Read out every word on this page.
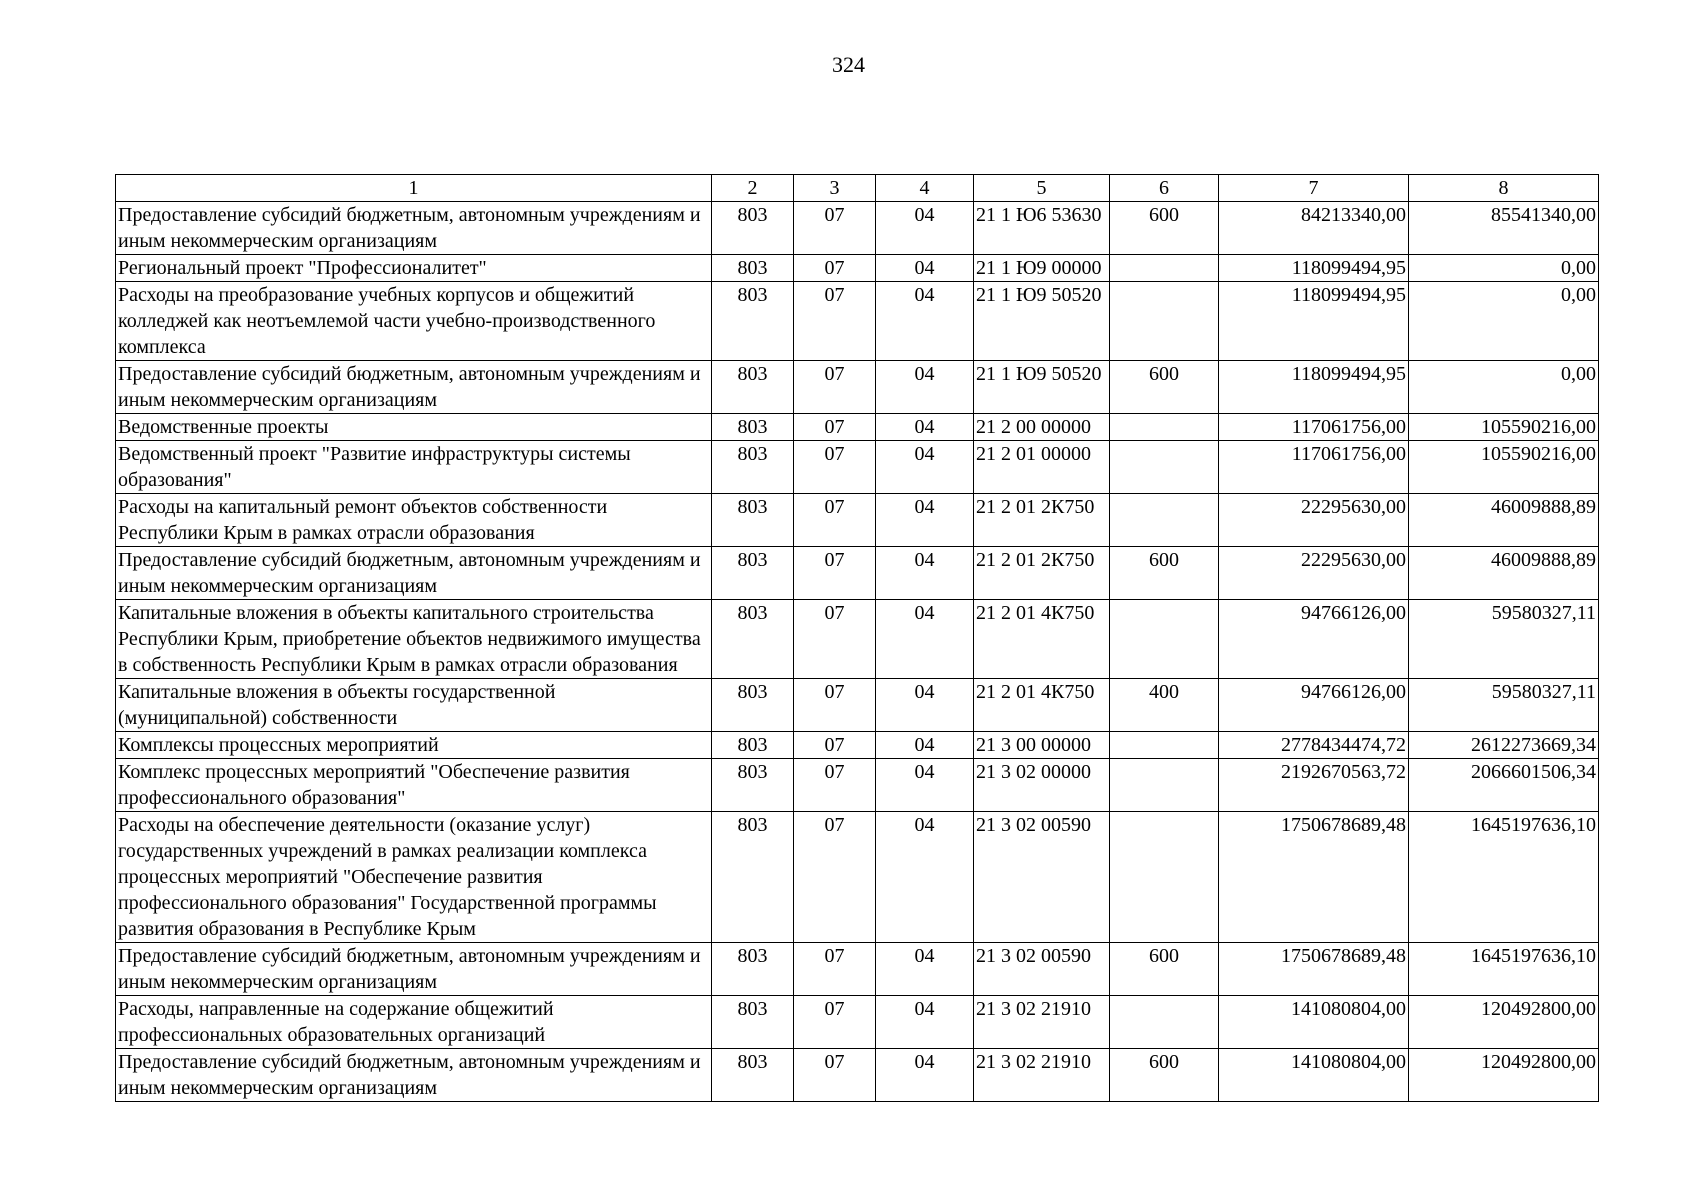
324
1	2	3	4	5	6	7	8
Предоставление субсидий бюджетным, автономным учреждениям и иным некоммерческим организациям	803	07	04	21 1 Ю6 53630	600	84213340,00	85541340,00
Региональный проект "Профессионалитет"	803	07	04	21 1 Ю9 00000		118099494,95	0,00
Расходы на преобразование учебных корпусов и общежитий колледжей как неотъемлемой части учебно-производственного комплекса	803	07	04	21 1 Ю9 50520		118099494,95	0,00
Предоставление субсидий бюджетным, автономным учреждениям и иным некоммерческим организациям	803	07	04	21 1 Ю9 50520	600	118099494,95	0,00
Ведомственные проекты	803	07	04	21 2 00 00000		117061756,00	105590216,00
Ведомственный проект "Развитие инфраструктуры системы образования"	803	07	04	21 2 01 00000		117061756,00	105590216,00
Расходы на капитальный ремонт объектов собственности Республики Крым в рамках отрасли образования	803	07	04	21 2 01 2К750		22295630,00	46009888,89
Предоставление субсидий бюджетным, автономным учреждениям и иным некоммерческим организациям	803	07	04	21 2 01 2К750	600	22295630,00	46009888,89
Капитальные вложения в объекты капитального строительства Республики Крым, приобретение объектов недвижимого имущества в собственность Республики Крым в рамках отрасли образования	803	07	04	21 2 01 4К750		94766126,00	59580327,11
Капитальные вложения в объекты государственной (муниципальной) собственности	803	07	04	21 2 01 4К750	400	94766126,00	59580327,11
Комплексы процессных мероприятий	803	07	04	21 3 00 00000		2778434474,72	2612273669,34
Комплекс процессных мероприятий "Обеспечение развития профессионального образования"	803	07	04	21 3 02 00000		2192670563,72	2066601506,34
Расходы на обеспечение деятельности (оказание услуг) государственных учреждений в рамках реализации комплекса процессных мероприятий "Обеспечение развития профессионального образования" Государственной программы развития образования в Республике Крым	803	07	04	21 3 02 00590		1750678689,48	1645197636,10
Предоставление субсидий бюджетным, автономным учреждениям и иным некоммерческим организациям	803	07	04	21 3 02 00590	600	1750678689,48	1645197636,10
Расходы, направленные на содержание общежитий профессиональных образовательных организаций	803	07	04	21 3 02 21910		141080804,00	120492800,00
Предоставление субсидий бюджетным, автономным учреждениям и иным некоммерческим организациям	803	07	04	21 3 02 21910	600	141080804,00	120492800,00
